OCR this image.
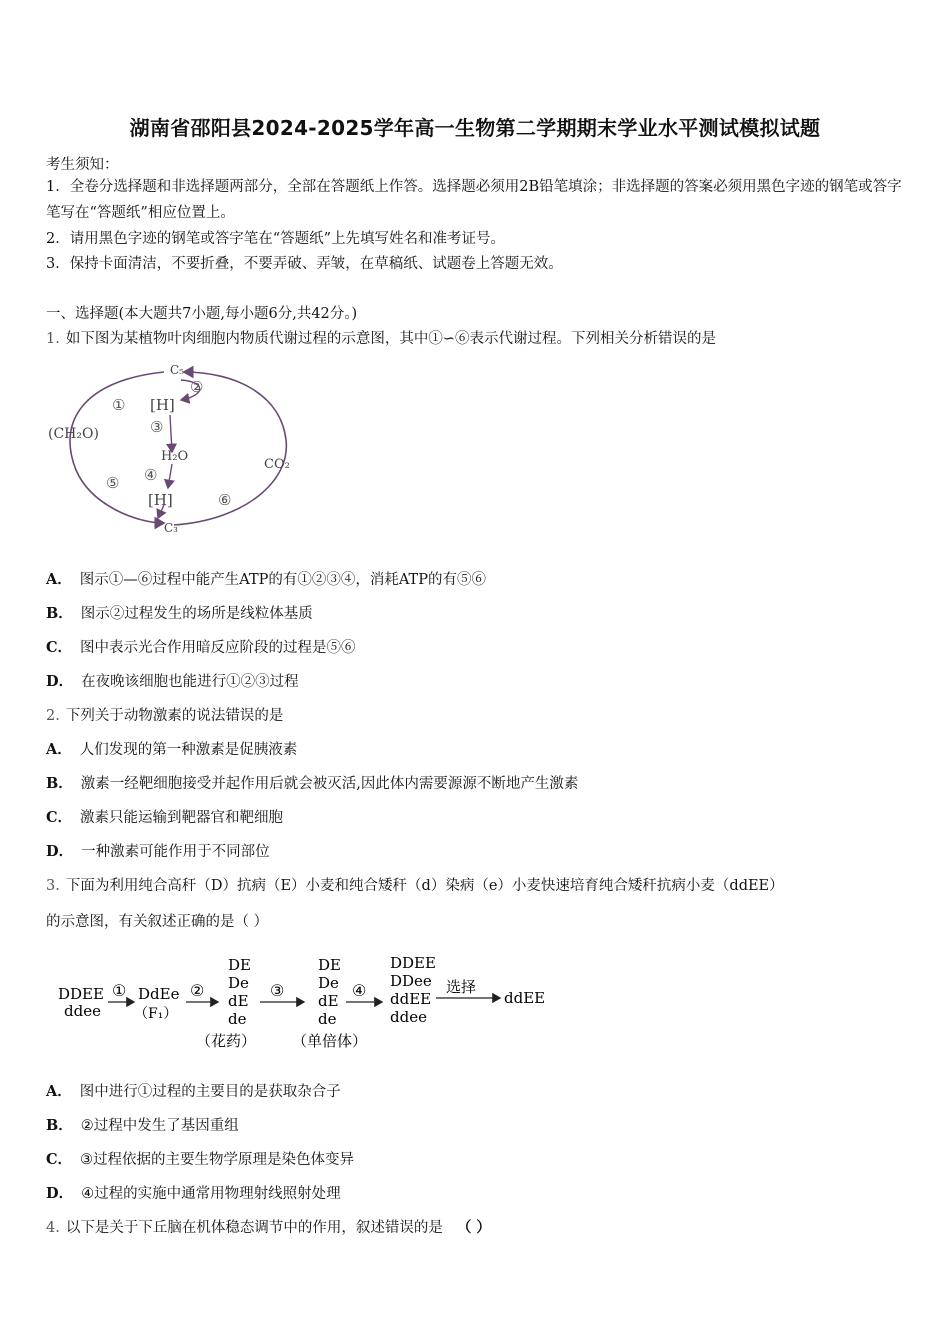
湖南省邵阳县2024-2025学年高一生物第二学期期末学业水平测试模拟试题
考生须知：
1．全卷分选择题和非选择题两部分，全部在答题纸上作答。选择题必须用2B铅笔填涂；非选择题的答案必须用黑色字迹的钢笔或答字笔写在“答题纸”相应位置上。
2．请用黑色字迹的钢笔或答字笔在“答题纸”上先填写姓名和准考证号。
3．保持卡面清洁，不要折叠，不要弄破、弄皱，在草稿纸、试题卷上答题无效。
一、选择题(本大题共7小题,每小题6分,共42分。)
1. 如下图为某植物叶肉细胞内物质代谢过程的示意图，其中①∽⑥表示代谢过程。下列相关分析错误的是
C₅
[H]
(CH₂O)
H₂O
CO₂
[H]
C₃
①
②
③
④
⑤
⑥
A． 图示①—⑥过程中能产生ATP的有①②③④，消耗ATP的有⑤⑥
B． 图示②过程发生的场所是线粒体基质
C． 图中表示光合作用暗反应阶段的过程是⑤⑥
D． 在夜晚该细胞也能进行①②③过程
2. 下列关于动物激素的说法错误的是
A． 人们发现的第一种激素是促胰液素
B． 激素一经靶细胞接受并起作用后就会被灭活,因此体内需要源源不断地产生激素
C． 激素只能运输到靶器官和靶细胞
D． 一种激素可能作用于不同部位
3. 下面为利用纯合高秆（D）抗病（E）小麦和纯合矮秆（d）染病（e）小麦快速培育纯合矮秆抗病小麦（ddEE）
的示意图，有关叙述正确的是（ ）
DDEE
ddee
① DdEe
（F₁）
②
DE
De
dE
de
（花药）
③
DE
De
dE
de
（单倍体）
④
DDEE
DDee
ddEE
ddee
选择
ddEE
A． 图中进行①过程的主要目的是获取杂合子
B． ②过程中发生了基因重组
C． ③过程依据的主要生物学原理是染色体变异
D． ④过程的实施中通常用物理射线照射处理
4. 以下是关于下丘脑在机体稳态调节中的作用，叙述错误的是 （ ）
